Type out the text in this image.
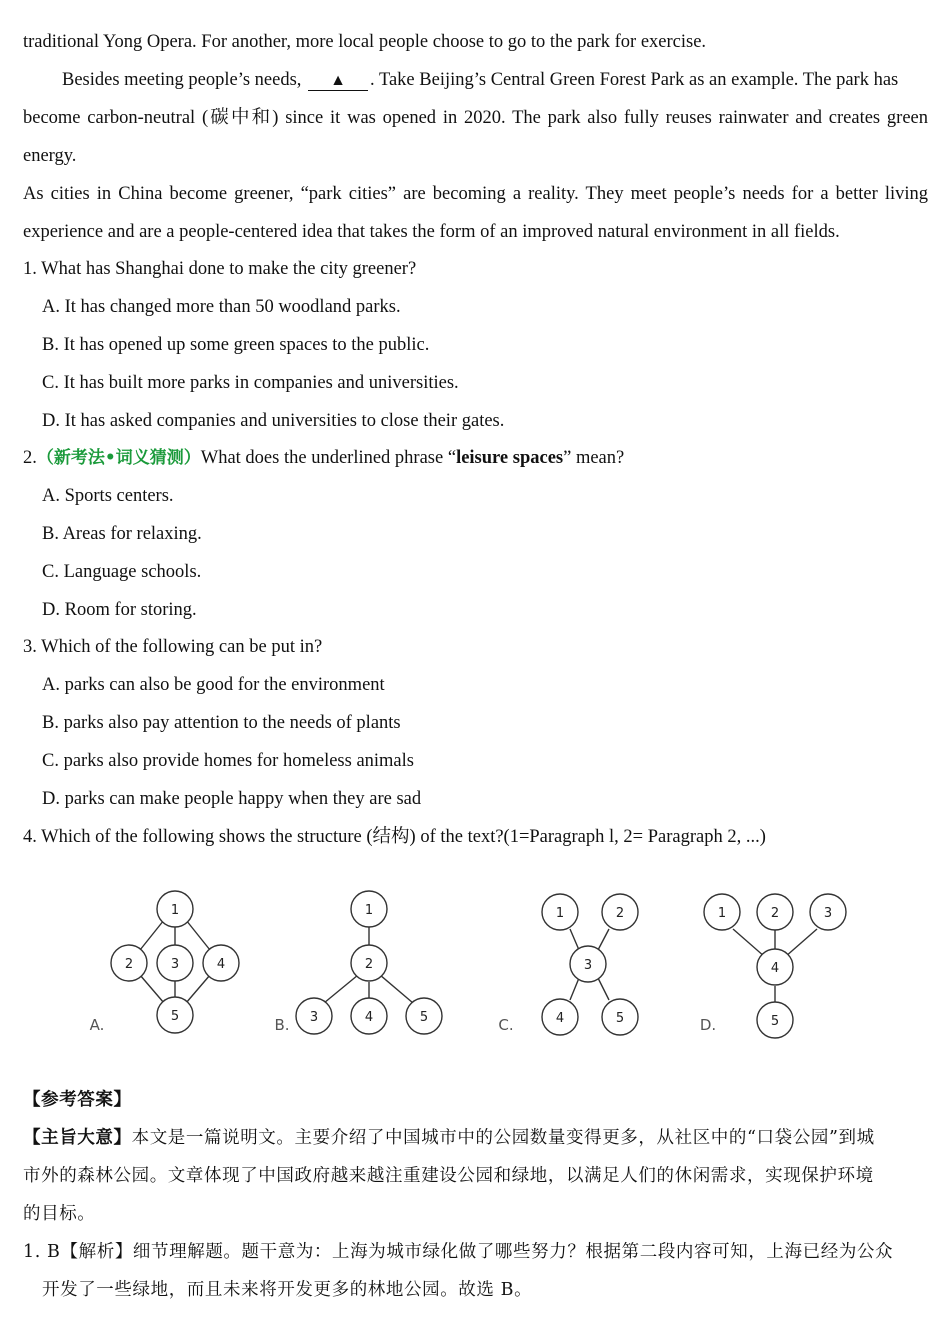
traditional Yong Opera. For another, more local people choose to go to the park for exercise.
Besides meeting people’s needs, ▲ . Take Beijing’s Central Green Forest Park as an example. The park has
become carbon-neutral (碳中和) since it was opened in 2020. The park also fully reuses rainwater and creates green
energy.
As cities in China become greener, “park cities” are becoming a reality. They meet people’s needs for a better living
experience and are a people-centered idea that takes the form of an improved natural environment in all fields.
1. What has Shanghai done to make the city greener?
A. It has changed more than 50 woodland parks.
B. It has opened up some green spaces to the public.
C. It has built more parks in companies and universities.
D. It has asked companies and universities to close their gates.
2.（新考法•词义猜测）What does the underlined phrase “leisure spaces” mean?
A. Sports centers.
B. Areas for relaxing.
C. Language schools.
D. Room for storing.
3. Which of the following can be put in?
A. parks can also be good for the environment
B. parks also pay attention to the needs of plants
C. parks also provide homes for homeless animals
D. parks can make people happy when they are sad
4. Which of the following shows the structure (结构) of the text?(1=Paragraph l, 2= Paragraph 2, ...)
1
2	3	4
5
1
2
3	4	5
1	2
3
4	5
1	2	3
4
5
A.	B.	C.	D.
【参考答案】
【主旨大意】本文是一篇说明文。主要介绍了中国城市中的公园数量变得更多，从社区中的“口袋公园”到城
市外的森林公园。文章体现了中国政府越来越注重建设公园和绿地，以满足人们的休闲需求，实现保护环境
的目标。
1. B【解析】细节理解题。题干意为：上海为城市绿化做了哪些努力？根据第二段内容可知，上海已经为公众
开发了一些绿地，而且未来将开发更多的林地公园。故选 B。
